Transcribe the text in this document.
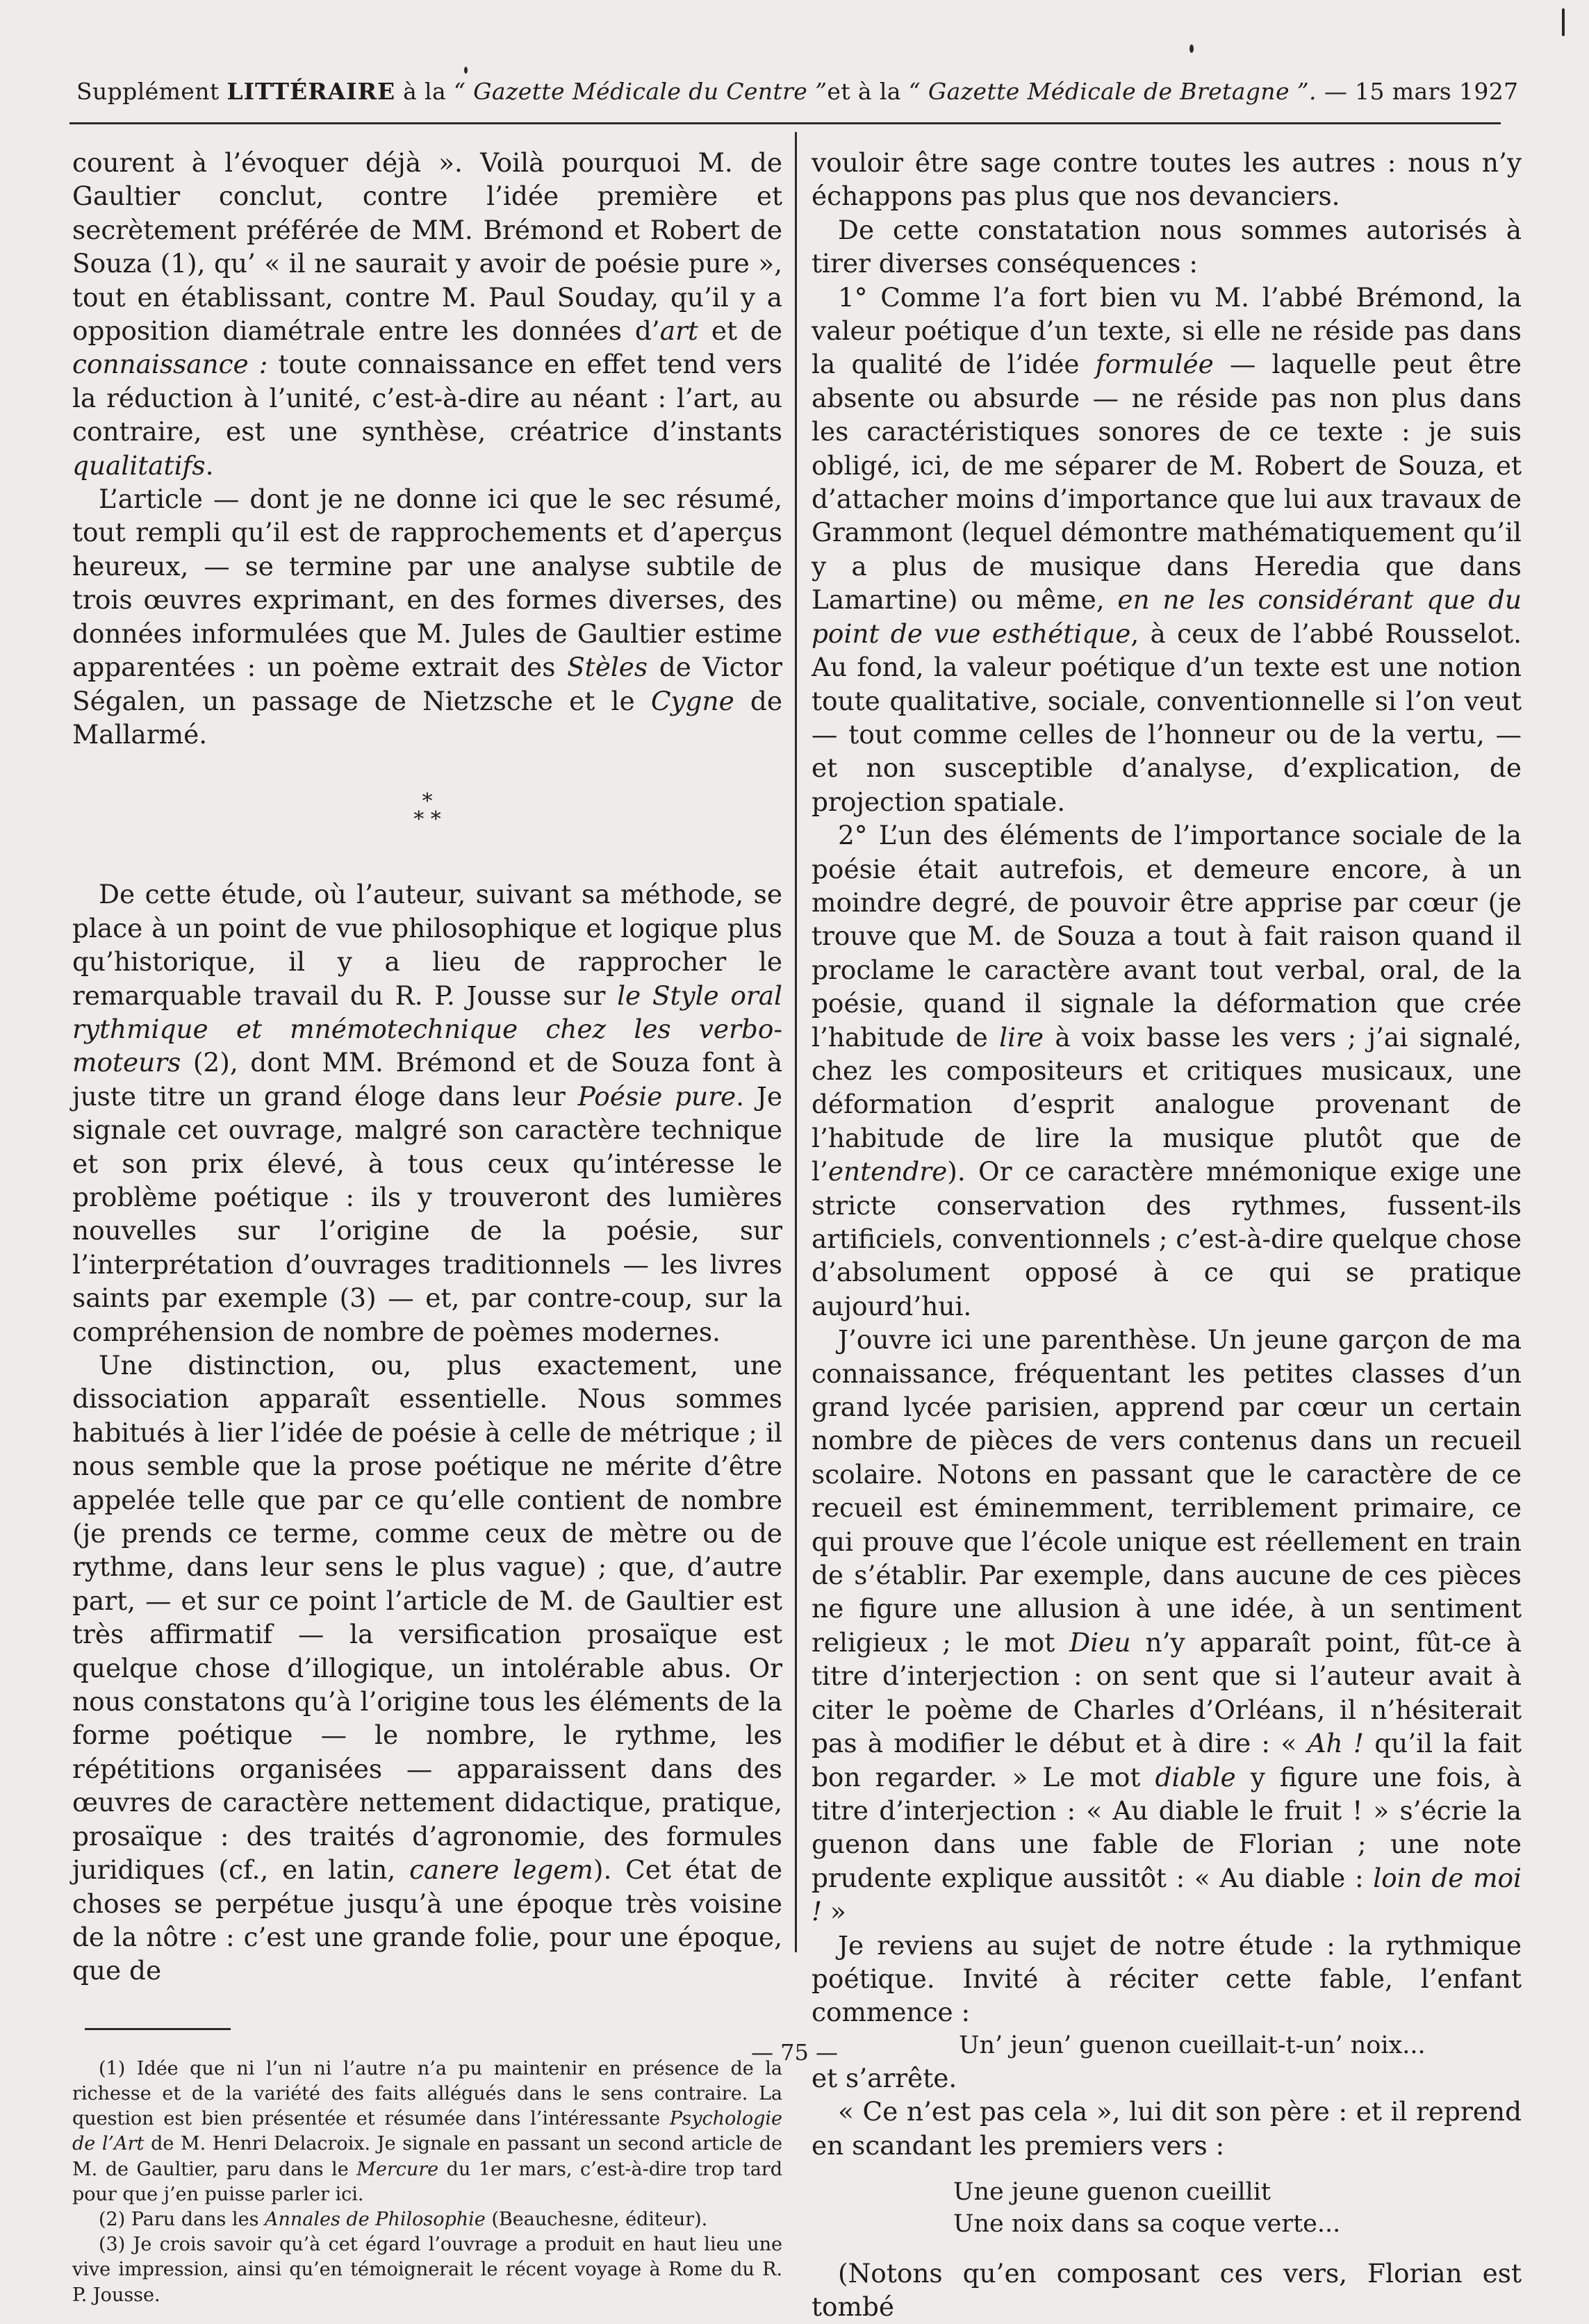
Supplément LITTÉRAIRE à la “ Gazette Médicale du Centre ” et à la “ Gazette Médicale de Bretagne ”. — 15 mars 1927

courent à l’évoquer déjà ». Voilà pourquoi M. de Gaultier conclut, contre l’idée première et secrètement préférée de MM. Brémond et Robert de Souza (1), qu’ « il ne saurait y avoir de poésie pure », tout en établissant, contre M. Paul Souday, qu’il y a opposition diamétrale entre les données d’art et de connaissance : toute connaissance en effet tend vers la réduction à l’unité, c’est-à-dire au néant : l’art, au contraire, est une synthèse, créatrice d’instants qualitatifs.

L’article — dont je ne donne ici que le sec résumé, tout rempli qu’il est de rapprochements et d’aperçus heureux, — se termine par une analyse subtile de trois œuvres exprimant, en des formes diverses, des données informulées que M. Jules de Gaultier estime apparentées : un poème extrait des Stèles de Victor Ségalen, un passage de Nietzsche et le Cygne de Mallarmé.

*
* *

De cette étude, où l’auteur, suivant sa méthode, se place à un point de vue philosophique et logique plus qu’historique, il y a lieu de rapprocher le remarquable travail du R. P. Jousse sur le Style oral rythmique et mnémotechnique chez les verbo-moteurs (2), dont MM. Brémond et de Souza font à juste titre un grand éloge dans leur Poésie pure. Je signale cet ouvrage, malgré son caractère technique et son prix élevé, à tous ceux qu’intéresse le problème poétique : ils y trouveront des lumières nouvelles sur l’origine de la poésie, sur l’interprétation d’ouvrages traditionnels — les livres saints par exemple (3) — et, par contre-coup, sur la compréhension de nombre de poèmes modernes.

Une distinction, ou, plus exactement, une dissociation apparaît essentielle. Nous sommes habitués à lier l’idée de poésie à celle de métrique ; il nous semble que la prose poétique ne mérite d’être appelée telle que par ce qu’elle contient de nombre (je prends ce terme, comme ceux de mètre ou de rythme, dans leur sens le plus vague) ; que, d’autre part, — et sur ce point l’article de M. de Gaultier est très affirmatif — la versification prosaïque est quelque chose d’illogique, un intolérable abus. Or nous constatons qu’à l’origine tous les éléments de la forme poétique — le nombre, le rythme, les répétitions organisées — apparaissent dans des œuvres de caractère nettement didactique, pratique, prosaïque : des traités d’agronomie, des formules juridiques (cf., en latin, canere legem). Cet état de choses se perpétue jusqu’à une époque très voisine de la nôtre : c’est une grande folie, pour une époque, que de

(1) Idée que ni l’un ni l’autre n’a pu maintenir en présence de la richesse et de la variété des faits allégués dans le sens contraire. La question est bien présentée et résumée dans l’intéressante Psychologie de l’Art de M. Henri Delacroix. Je signale en passant un second article de M. de Gaultier, paru dans le Mercure du 1er mars, c’est-à-dire trop tard pour que j’en puisse parler ici.

(2) Paru dans les Annales de Philosophie (Beauchesne, éditeur).

(3) Je crois savoir qu’à cet égard l’ouvrage a produit en haut lieu une vive impression, ainsi qu’en témoignerait le récent voyage à Rome du R. P. Jousse.

vouloir être sage contre toutes les autres : nous n’y échappons pas plus que nos devanciers.

De cette constatation nous sommes autorisés à tirer diverses conséquences :

1° Comme l’a fort bien vu M. l’abbé Brémond, la valeur poétique d’un texte, si elle ne réside pas dans la qualité de l’idée formulée — laquelle peut être absente ou absurde — ne réside pas non plus dans les caractéristiques sonores de ce texte : je suis obligé, ici, de me séparer de M. Robert de Souza, et d’attacher moins d’importance que lui aux travaux de Grammont (lequel démontre mathématiquement qu’il y a plus de musique dans Heredia que dans Lamartine) ou même, en ne les considérant que du point de vue esthétique, à ceux de l’abbé Rousselot. Au fond, la valeur poétique d’un texte est une notion toute qualitative, sociale, conventionnelle si l’on veut — tout comme celles de l’honneur ou de la vertu, — et non susceptible d’analyse, d’explication, de projection spatiale.

2° L’un des éléments de l’importance sociale de la poésie était autrefois, et demeure encore, à un moindre degré, de pouvoir être apprise par cœur (je trouve que M. de Souza a tout à fait raison quand il proclame le caractère avant tout verbal, oral, de la poésie, quand il signale la déformation que crée l’habitude de lire à voix basse les vers ; j’ai signalé, chez les compositeurs et critiques musicaux, une déformation d’esprit analogue provenant de l’habitude de lire la musique plutôt que de l’entendre). Or ce caractère mnémonique exige une stricte conservation des rythmes, fussent-ils artificiels, conventionnels ; c’est-à-dire quelque chose d’absolument opposé à ce qui se pratique aujourd’hui.

J’ouvre ici une parenthèse. Un jeune garçon de ma connaissance, fréquentant les petites classes d’un grand lycée parisien, apprend par cœur un certain nombre de pièces de vers contenus dans un recueil scolaire. Notons en passant que le caractère de ce recueil est éminemment, terriblement primaire, ce qui prouve que l’école unique est réellement en train de s’établir. Par exemple, dans aucune de ces pièces ne figure une allusion à une idée, à un sentiment religieux ; le mot Dieu n’y apparaît point, fût-ce à titre d’interjection : on sent que si l’auteur avait à citer le poème de Charles d’Orléans, il n’hésiterait pas à modifier le début et à dire : « Ah ! qu’il la fait bon regarder. » Le mot diable y figure une fois, à titre d’interjection : « Au diable le fruit ! » s’écrie la guenon dans une fable de Florian ; une note prudente explique aussitôt : « Au diable : loin de moi ! »

Je reviens au sujet de notre étude : la rythmique poétique. Invité à réciter cette fable, l’enfant commence :

Un’ jeun’ guenon cueillait-t-un’ noix...

et s’arrête.

« Ce n’est pas cela », lui dit son père : et il reprend en scandant les premiers vers :

Une jeune guenon cueillit

Une noix dans sa coque verte...

(Notons qu’en composant ces vers, Florian est tombé

— 75 —
